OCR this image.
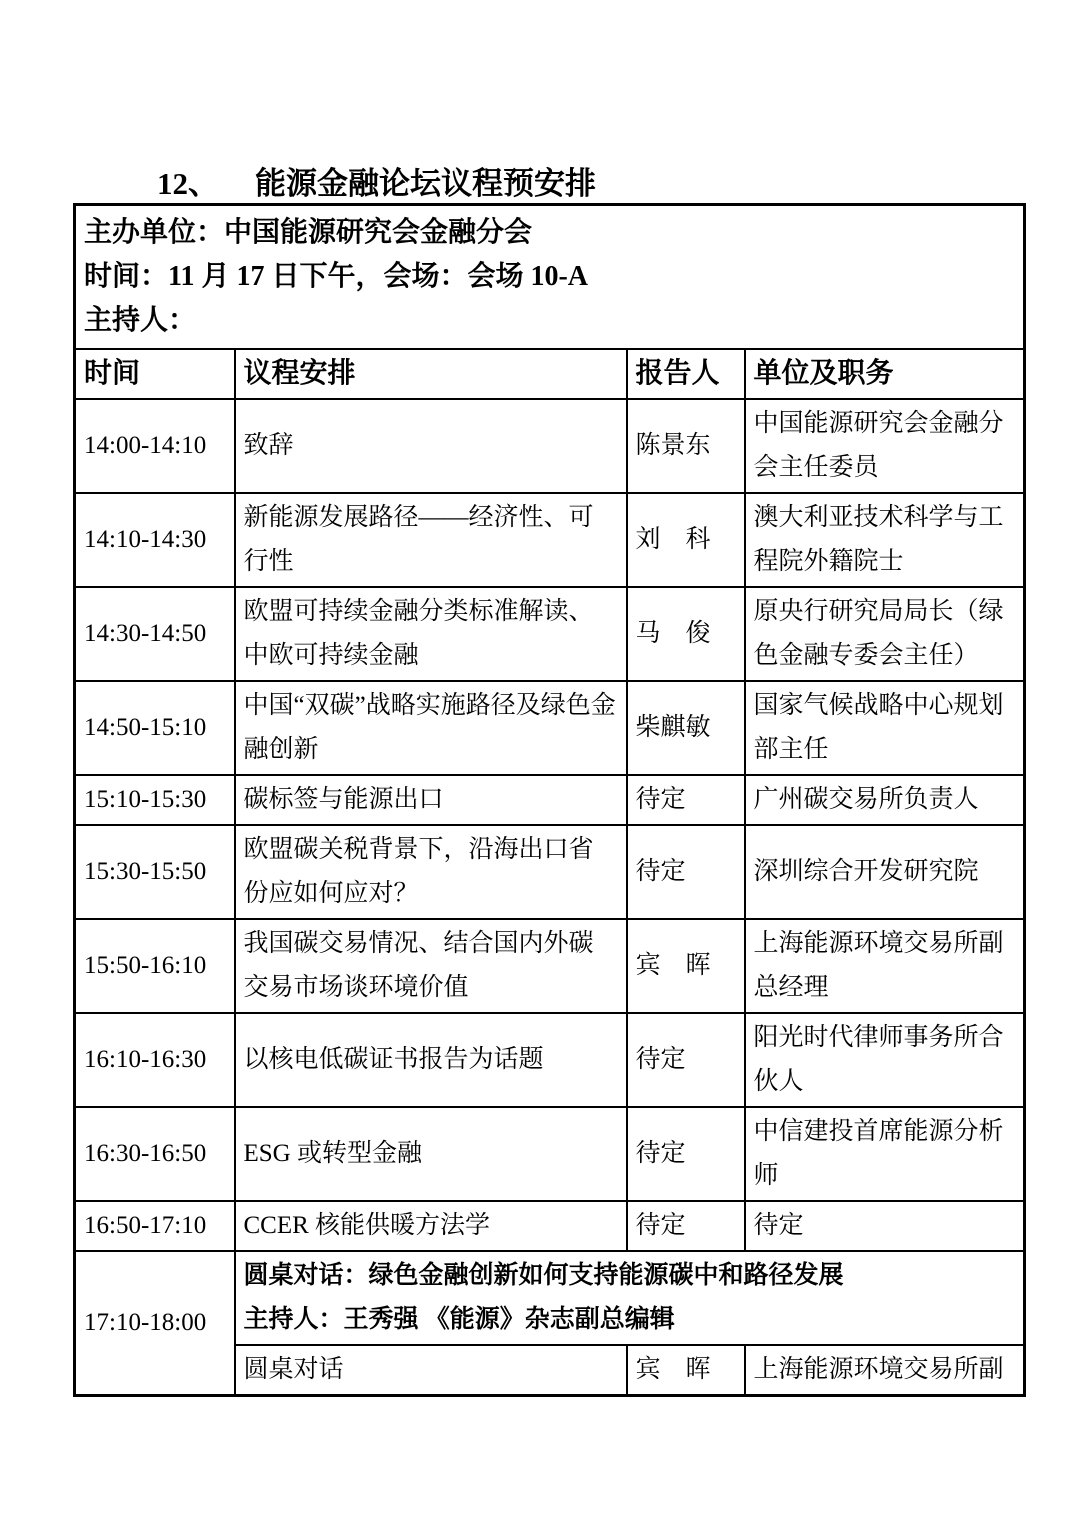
12、 能源金融论坛议程预安排
主办单位：中国能源研究会金融分会
时间：11 月 17 日下午，会场：会场 10-A
主持人：			

时间	议程安排	报告人	单位及职务
14:00-14:10	致辞	陈景东	中国能源研究会金融分会主任委员
14:10-14:30	新能源发展路径——经济性、可行性	刘　科	澳大利亚技术科学与工程院外籍院士
14:30-14:50	欧盟可持续金融分类标准解读、中欧可持续金融	马　俊	原央行研究局局长（绿色金融专委会主任）
14:50-15:10	中国“双碳”战略实施路径及绿色金融创新	柴麒敏	国家气候战略中心规划部主任
15:10-15:30	碳标签与能源出口	待定	广州碳交易所负责人
15:30-15:50	欧盟碳关税背景下，沿海出口省份应如何应对？	待定	深圳综合开发研究院
15:50-16:10	我国碳交易情况、结合国内外碳交易市场谈环境价值	宾　晖	上海能源环境交易所副总经理
16:10-16:30	以核电低碳证书报告为话题	待定	阳光时代律师事务所合伙人
16:30-16:50	ESG 或转型金融	待定	中信建投首席能源分析师
16:50-17:10	CCER 核能供暖方法学	待定	待定
17:10-18:00	圆桌对话：绿色金融创新如何支持能源碳中和路径发展
主持人：王秀强 《能源》杂志副总编辑		

	圆桌对话	宾　晖	上海能源环境交易所副
